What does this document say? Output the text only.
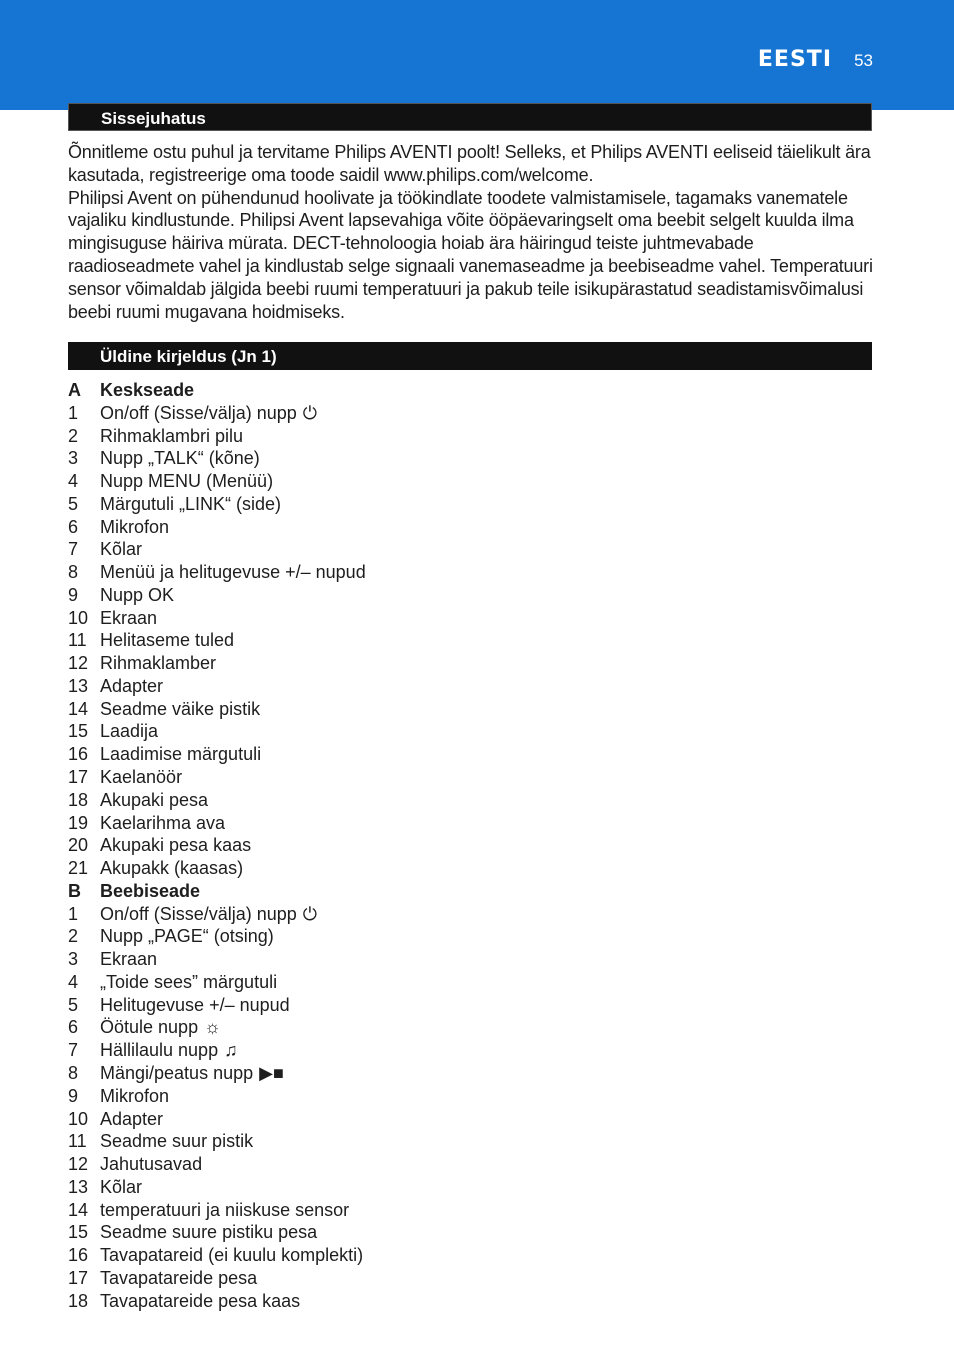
EESTI 53
Sissejuhatus

Õnnitleme ostu puhul ja tervitame Philips AVENTI poolt! Selleks, et Philips AVENTI eeliseid täielikult ära kasutada, registreerige oma toode saidil www.philips.com/welcome.

Philipsi Avent on pühendunud hoolivate ja töökindlate toodete valmistamisele, tagamaks vanematele vajaliku kindlustunde. Philipsi Avent lapsevahiga võite ööpäevaringselt oma beebit selgelt kuulda ilma mingisuguse häiriva mürata. DECT-tehnoloogia hoiab ära häiringud teiste juhtmevabade raadioseadmete vahel ja kindlustab selge signaali vanemaseadme ja beebiseadme vahel. Temperatuuri sensor võimaldab jälgida beebi ruumi temperatuuri ja pakub teile isikupärastatud seadistamisvõimalusi beebi ruumi mugavana hoidmiseks.

Üldine kirjeldus (Jn 1)
A	Keskseade
1	On/off (Sisse/välja) nupp ⏻
2	Rihmaklambri pilu
3	Nupp „TALK“ (kõne)
4	Nupp MENU (Menüü)
5	Märgutuli „LINK“ (side)
6	Mikrofon
7	Kõlar
8	Menüü ja helitugevuse +/– nupud
9	Nupp OK
10 Ekraan
11 Helitaseme tuled
12 Rihmaklamber
13 Adapter
14 Seadme väike pistik
15 Laadija
16 Laadimise märgutuli
17 Kaelanöör
18 Akupaki pesa
19 Kaelarihma ava
20 Akupaki pesa kaas
21 Akupakk (kaasas)
B	Beebiseade
1	On/off (Sisse/välja) nupp ⏻
2	Nupp „PAGE“ (otsing)
3	Ekraan
4	„Toide sees” märgutuli
5	Helitugevuse +/– nupud
6	Öötule nupp ☼
7	Hällilaulu nupp ♫
8	Mängi/peatus nupp ▶■
9	Mikrofon
10 Adapter
11 Seadme suur pistik
12 Jahutusavad
13 Kõlar
14 temperatuuri ja niiskuse sensor
15 Seadme suure pistiku pesa
16 Tavapatareid (ei kuulu komplekti)
17 Tavapatareide pesa
18 Tavapatareide pesa kaas
